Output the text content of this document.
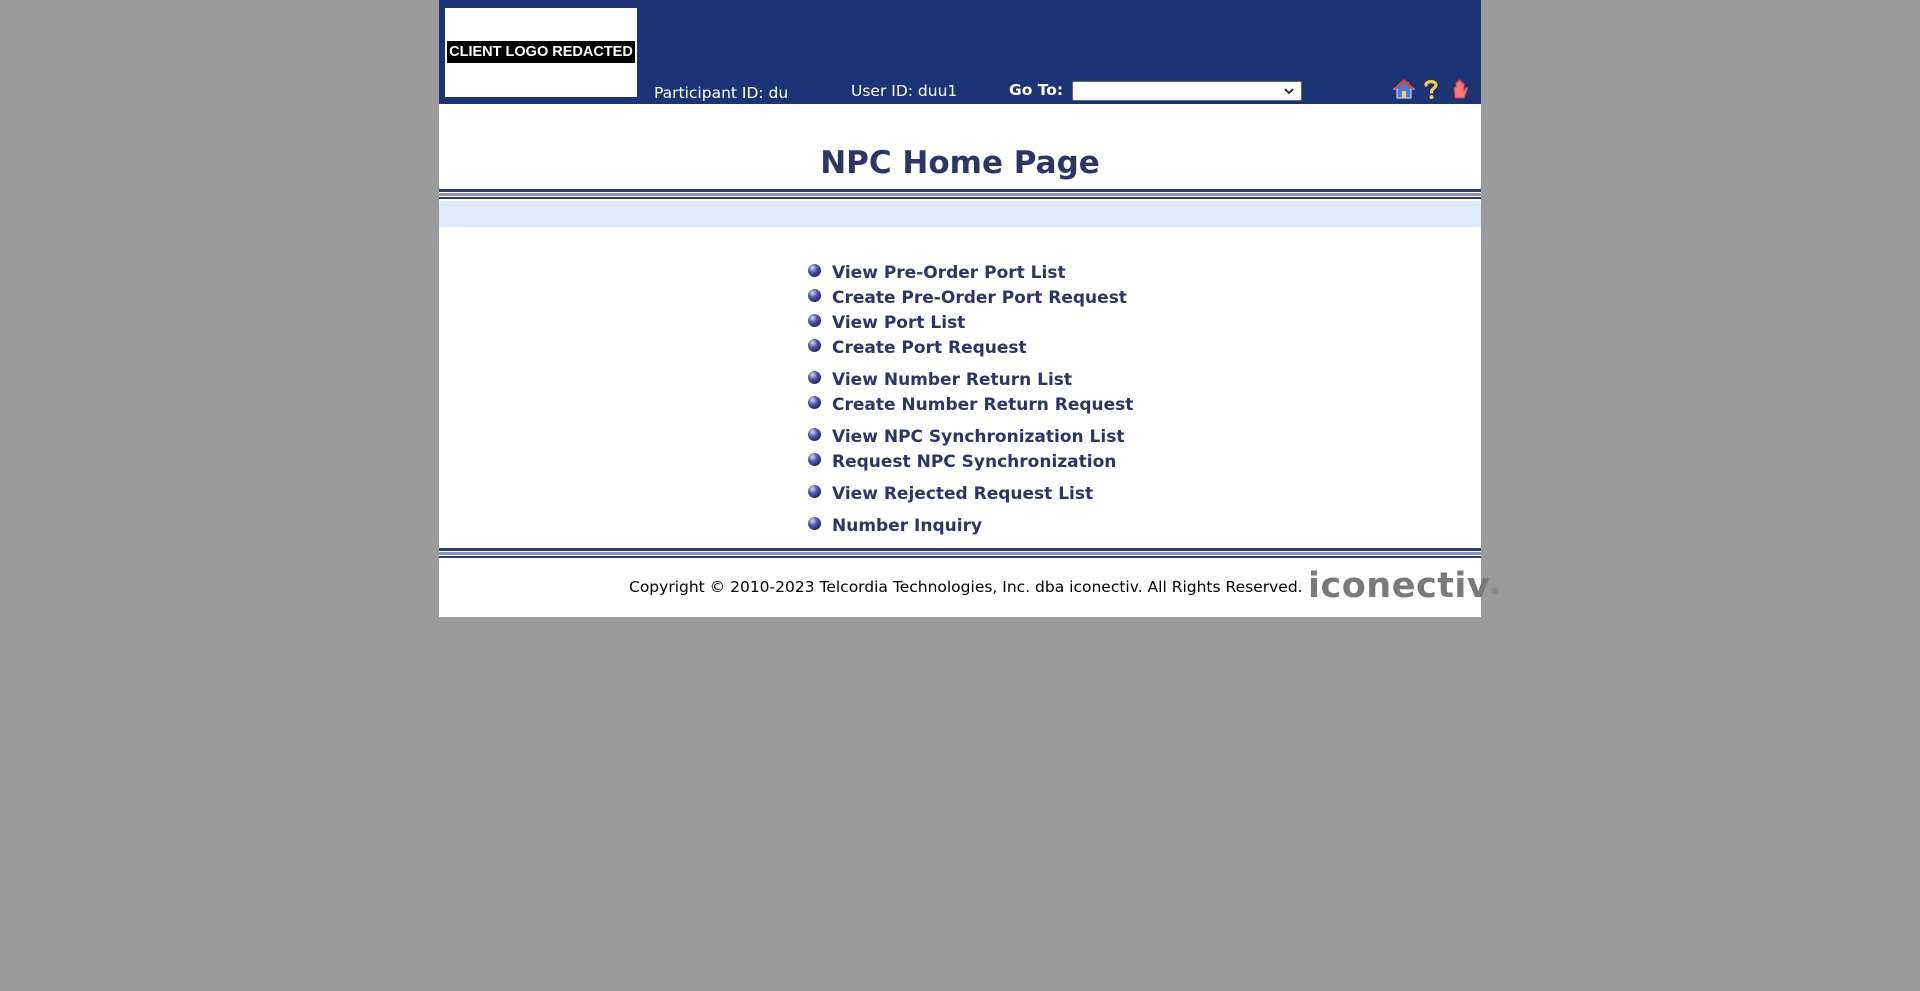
CLIENT LOGO REDACTED
Participant ID: du	User ID: duu1	Go To:
NPC Home Page
View Pre-Order Port List
Create Pre-Order Port Request
View Port List
Create Port Request
View Number Return List
Create Number Return Request
View NPC Synchronization List
Request NPC Synchronization
View Rejected Request List
Number Inquiry
Copyright © 2010-2023 Telcordia Technologies, Inc. dba iconectiv. All Rights Reserved. iconectiv®
